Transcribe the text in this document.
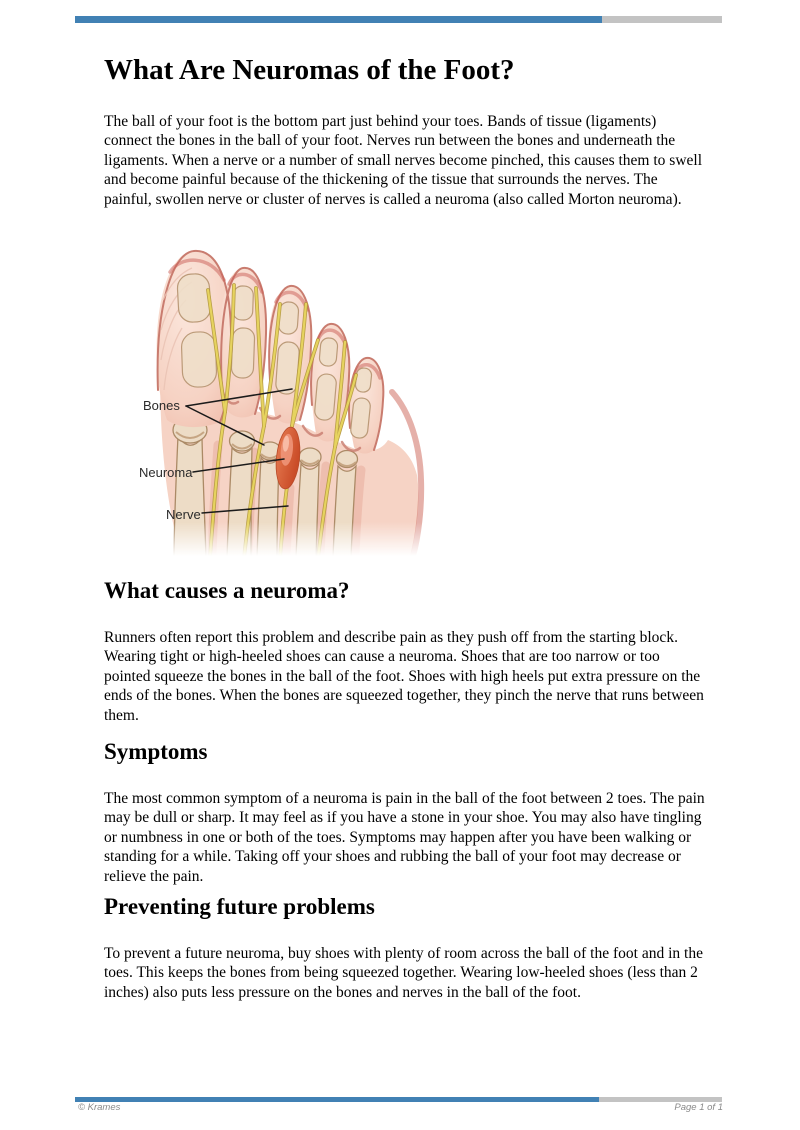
What Are Neuromas of the Foot?

The ball of your foot is the bottom part just behind your toes. Bands of tissue (ligaments) connect the bones in the ball of your foot. Nerves run between the bones and underneath the ligaments. When a nerve or a number of small nerves become pinched, this causes them to swell and become painful because of the thickening of the tissue that surrounds the nerves. The painful, swollen nerve or cluster of nerves is called a neuroma (also called Morton neuroma).

Bones
Neuroma
Nerve
What causes a neuroma?

Runners often report this problem and describe pain as they push off from the starting block. Wearing tight or high-heeled shoes can cause a neuroma. Shoes that are too narrow or too pointed squeeze the bones in the ball of the foot. Shoes with high heels put extra pressure on the ends of the bones. When the bones are squeezed together, they pinch the nerve that runs between them.

Symptoms

The most common symptom of a neuroma is pain in the ball of the foot between 2 toes. The pain may be dull or sharp. It may feel as if you have a stone in your shoe. You may also have tingling or numbness in one or both of the toes. Symptoms may happen after you have been walking or standing for a while. Taking off your shoes and rubbing the ball of your foot may decrease or relieve the pain.

Preventing future problems

To prevent a future neuroma, buy shoes with plenty of room across the ball of the foot and in the toes. This keeps the bones from being squeezed together. Wearing low-heeled shoes (less than 2 inches) also puts less pressure on the bones and nerves in the ball of the foot.

© Krames	Page 1 of 1
